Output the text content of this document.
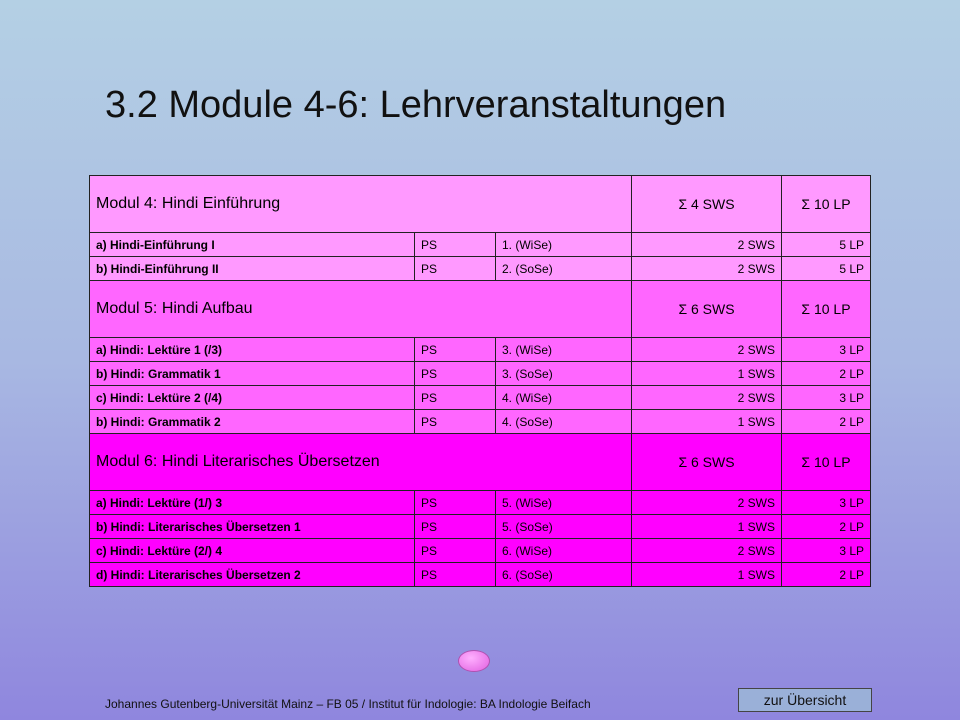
3.2 Module 4-6: Lehrveranstaltungen
Modul 4: Hindi Einführung			Σ 4 SWS	Σ 10 LP
a) Hindi-Einführung I	PS	1. (WiSe)	2 SWS	5 LP
b) Hindi-Einführung II	PS	2. (SoSe)	2 SWS	5 LP
Modul 5: Hindi Aufbau			Σ 6 SWS	Σ 10 LP
a) Hindi: Lektüre 1 (/3)	PS	3. (WiSe)	2 SWS	3 LP
b) Hindi: Grammatik 1	PS	3. (SoSe)	1 SWS	2 LP
c) Hindi: Lektüre 2 (/4)	PS	4. (WiSe)	2 SWS	3 LP
b) Hindi: Grammatik 2	PS	4. (SoSe)	1 SWS	2 LP
Modul 6: Hindi Literarisches Übersetzen			Σ 6 SWS	Σ 10 LP
a) Hindi: Lektüre (1/) 3	PS	5. (WiSe)	2 SWS	3 LP
b) Hindi: Literarisches Übersetzen 1	PS	5. (SoSe)	1 SWS	2 LP
c) Hindi: Lektüre (2/) 4	PS	6. (WiSe)	2 SWS	3 LP
d) Hindi: Literarisches Übersetzen 2	PS	6. (SoSe)	1 SWS	2 LP
Johannes Gutenberg-Universität Mainz – FB 05 / Institut für Indologie: BA Indologie Beifach	zur Übersicht
